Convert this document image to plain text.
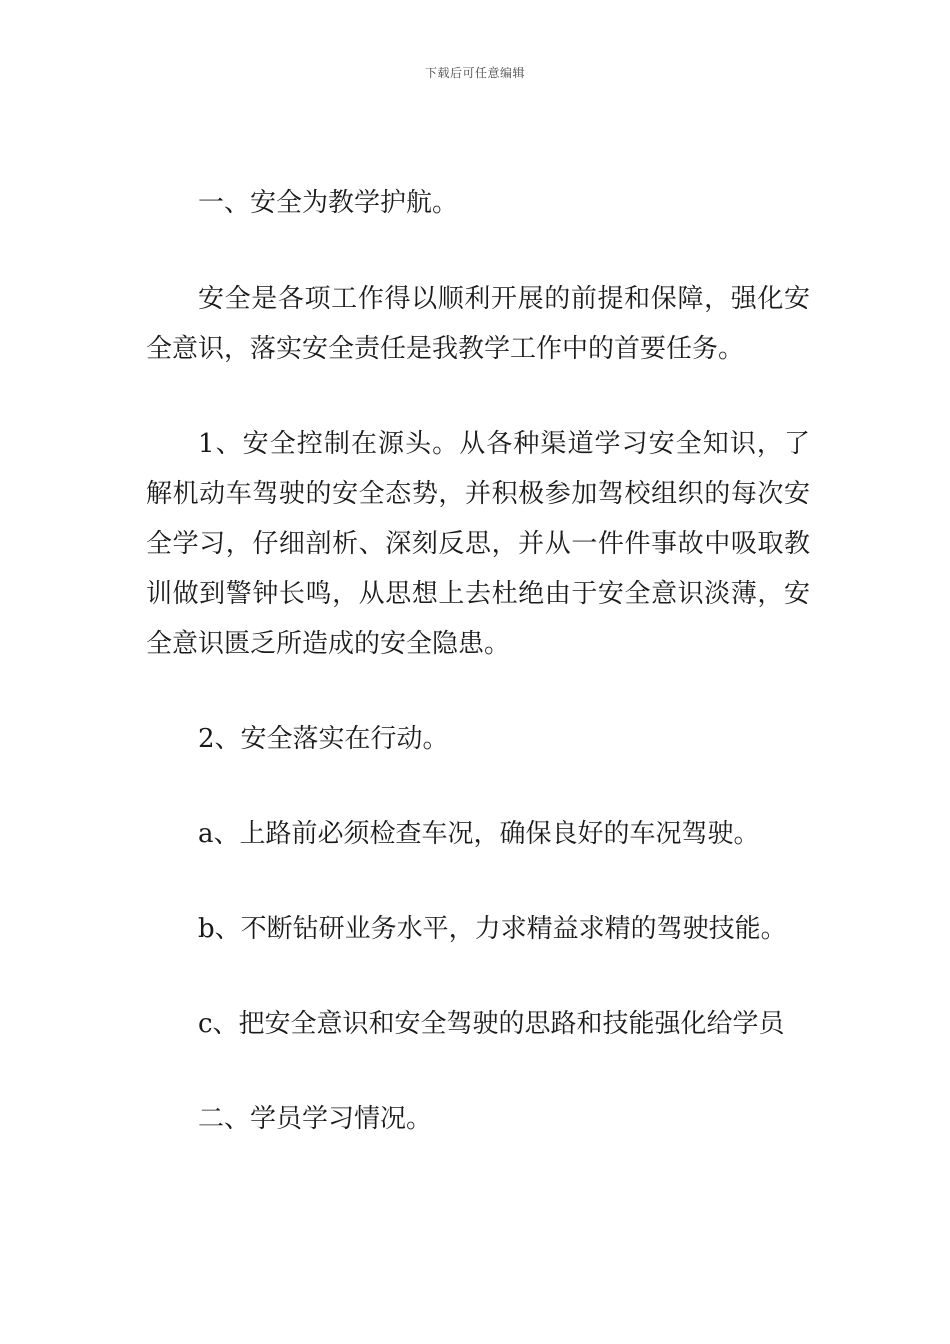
下载后可任意编辑

一、安全为教学护航。

安全是各项工作得以顺利开展的前提和保障，强化安全意识，落实安全责任是我教学工作中的首要任务。

1、安全控制在源头。从各种渠道学习安全知识，了解机动车驾驶的安全态势，并积极参加驾校组织的每次安全学习，仔细剖析、深刻反思，并从一件件事故中吸取教训做到警钟长鸣，从思想上去杜绝由于安全意识淡薄，安全意识匮乏所造成的安全隐患。

2、安全落实在行动。

a、上路前必须检查车况，确保良好的车况驾驶。

b、不断钻研业务水平，力求精益求精的驾驶技能。

c、把安全意识和安全驾驶的思路和技能强化给学员

二、学员学习情况。
